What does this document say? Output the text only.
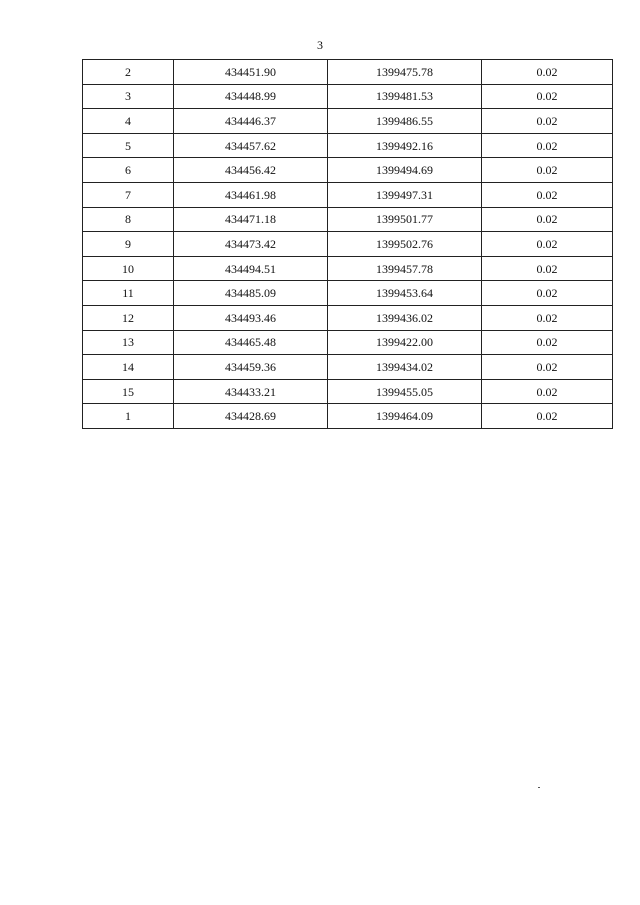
3
2	434451.90	1399475.78	0.02
3	434448.99	1399481.53	0.02
4	434446.37	1399486.55	0.02
5	434457.62	1399492.16	0.02
6	434456.42	1399494.69	0.02
7	434461.98	1399497.31	0.02
8	434471.18	1399501.77	0.02
9	434473.42	1399502.76	0.02
10	434494.51	1399457.78	0.02
11	434485.09	1399453.64	0.02
12	434493.46	1399436.02	0.02
13	434465.48	1399422.00	0.02
14	434459.36	1399434.02	0.02
15	434433.21	1399455.05	0.02
1	434428.69	1399464.09	0.02
